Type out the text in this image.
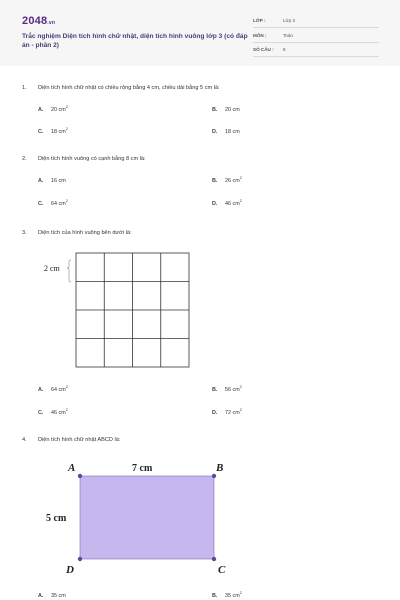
2048.vn
Trắc nghiệm Diện tích hình chữ nhật, diện tích hình vuông lớp 3 (có đáp án - phần 2)
LỚP :	Lớp 3
MÔN :	Toán
SỐ CÂU : 8
1. Diện tích hình chữ nhật có chiều rộng bằng 4 cm, chiều dài bằng 5 cm là:
A. 20 $cm^2$	B. 20 cm
C. 18 $cm^2$	D. 18 cm
2. Diện tích hình vuông có cạnh bằng 8 cm là:
A. 16 cm	B. 26 $cm^2$
C. 64 $cm^2$	D. 46 $cm^2$
3. Diện tích của hình vuông bên dưới là:
2 cm
A. 64 $cm^2$	B. 56 $cm^2$
C. 46 $cm^2$	D. 72 $cm^2$
4. Diện tích hình chữ nhật ABCD là:
A	B
C
D
7 cm
5 cm
A. 35 cm	B. 35 $cm^2$
